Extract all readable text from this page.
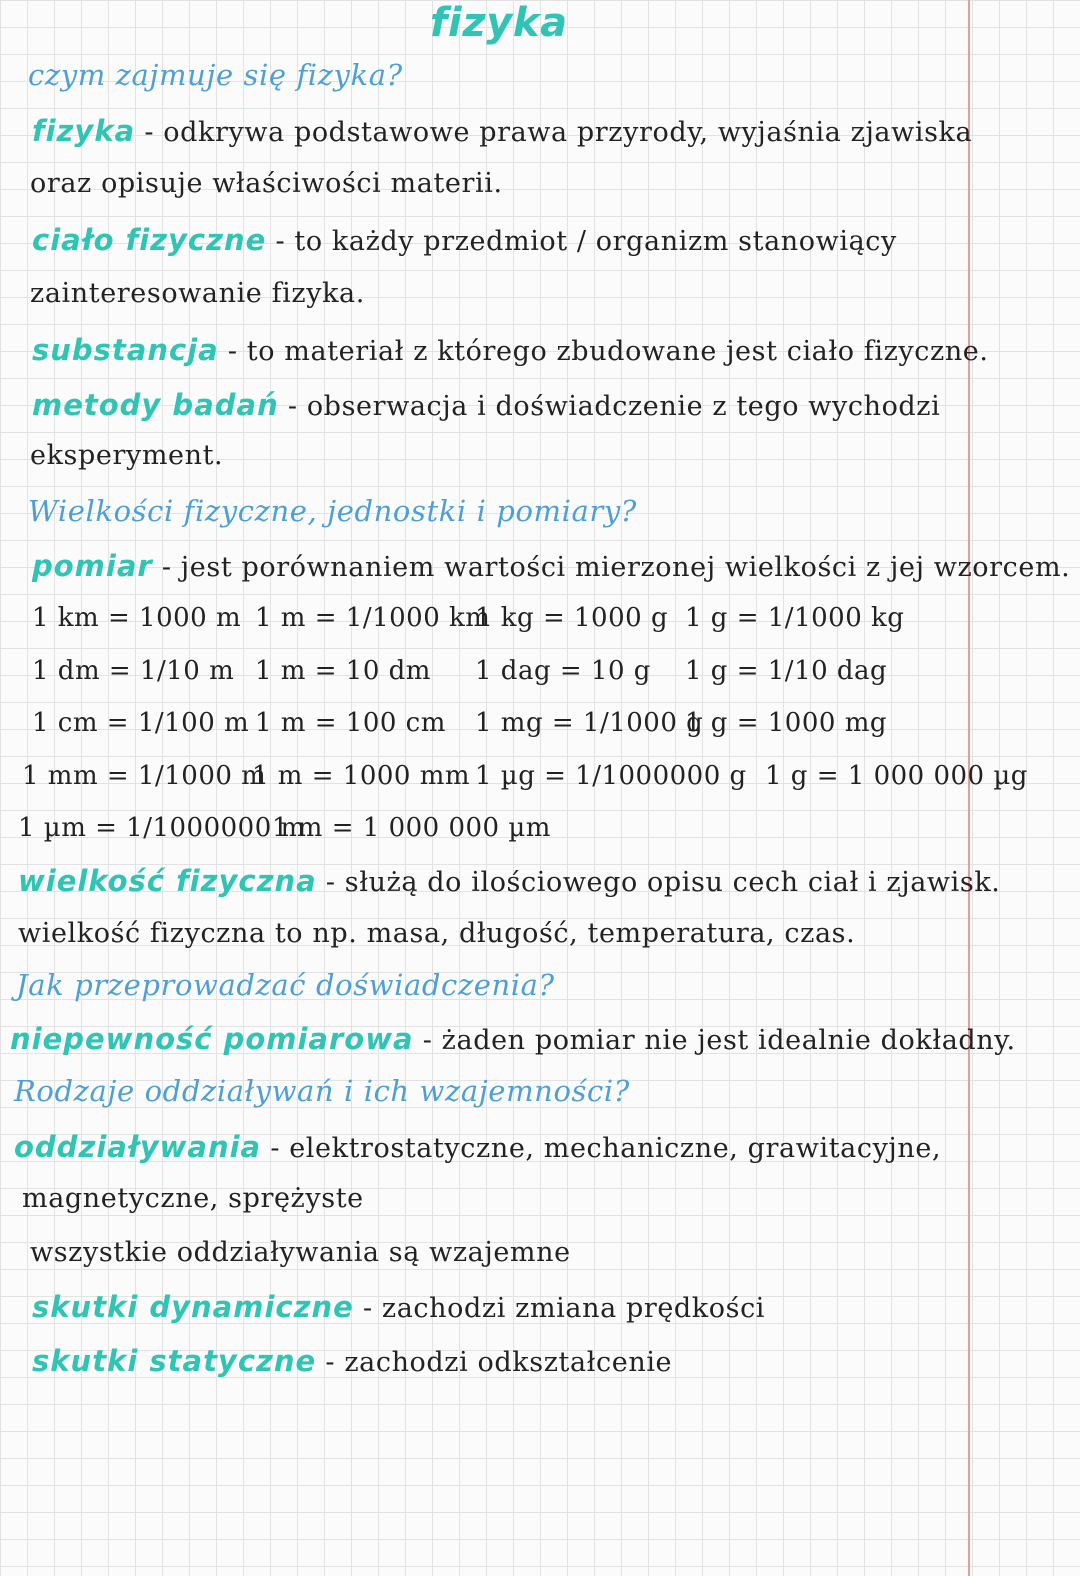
fizyka
czym zajmuje się fizyka?
fizyka - odkrywa podstawowe prawa przyrody, wyjaśnia zjawiska
oraz opisuje właściwości materii.
ciało fizyczne - to każdy przedmiot / organizm stanowiący
zainteresowanie fizyka.
substancja - to materiał z którego zbudowane jest ciało fizyczne.
metody badań - obserwacja i doświadczenie z tego wychodzi
eksperyment.
Wielkości fizyczne, jednostki i pomiary?
pomiar - jest porównaniem wartości mierzonej wielkości z jej wzorcem.
1 km = 1000 m 1 m = 1/1000 km
1 kg = 1000 g 1 g = 1/1000 kg
1 dm = 1/10 m 1 m = 10 dm 1 dag = 10 g 1 g = 1/10 dag
1 cm = 1/100 m 1 m = 100 cm 1 mg = 1/1000 g
1 g = 1000 mg
1 mm = 1/1000 m
1 m = 1000 mm 1 µg = 1/1000000 g 1 g = 1 000 000 µg
1 µm = 1/1000000 m
1 m = 1 000 000 µm
wielkość fizyczna - służą do ilościowego opisu cech ciał i zjawisk.
wielkość fizyczna to np. masa, długość, temperatura, czas.
Jak przeprowadzać doświadczenia?
niepewność pomiarowa - żaden pomiar nie jest idealnie dokładny.
Rodzaje oddziaływań i ich wzajemności?
oddziaływania - elektrostatyczne, mechaniczne, grawitacyjne,
magnetyczne, sprężyste
wszystkie oddziaływania są wzajemne
skutki dynamiczne - zachodzi zmiana prędkości
skutki statyczne - zachodzi odkształcenie
